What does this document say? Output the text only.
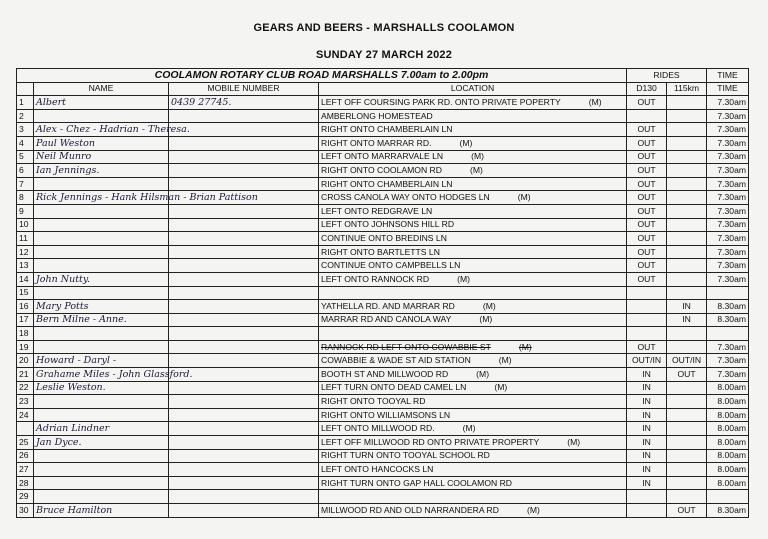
GEARS AND BEERS - MARSHALLS COOLAMON
SUNDAY 27 MARCH 2022
COOLAMON ROTARY CLUB ROAD MARSHALLS 7.00am to 2.00pm				RIDES		TIME
	NAME	MOBILE NUMBER	LOCATION	D130	115km	TIME
1	Albert	0439 27745.	LEFT OFF COURSING PARK RD. ONTO PRIVATE POPERTY (M)	OUT		7.30am
2			AMBERLONG HOMESTEAD			7.30am
3	Alex - Chez - Hadrian - Theresa.		RIGHT ONTO CHAMBERLAIN LN	OUT		7.30am
4	Paul Weston		RIGHT ONTO MARRAR RD. (M)	OUT		7.30am
5	Neil Munro		LEFT ONTO MARRARVALE LN (M)	OUT		7.30am
6	Ian Jennings.		RIGHT ONTO COOLAMON RD (M)	OUT		7.30am
7			RIGHT ONTO CHAMBERLAIN LN	OUT		7.30am
8	Rick Jennings - Hank Hilsman - Brian Pattison		CROSS CANOLA WAY ONTO HODGES LN (M)	OUT		7.30am
9			LEFT ONTO REDGRAVE LN	OUT		7.30am
10			LEFT ONTO JOHNSONS HILL RD	OUT		7.30am
11			CONTINUE ONTO BREDINS LN	OUT		7.30am
12			RIGHT ONTO BARTLETTS LN	OUT		7.30am
13			CONTINUE ONTO CAMPBELLS LN	OUT		7.30am
14	John Nutty.		LEFT ONTO RANNOCK RD (M)	OUT		7.30am
15						
16	Mary Potts		YATHELLA RD. AND MARRAR RD (M)		IN	8.30am
17	Bern Milne - Anne.		MARRAR RD AND CANOLA WAY (M)		IN	8.30am
18						
19			RANNOCK RD LEFT ONTO COWABBIE ST (M)	OUT		7.30am
20	Howard - Daryl -		COWABBIE & WADE ST AID STATION (M)	OUT/IN	OUT/IN	7.30am
21	Grahame Miles - John Glassford.		BOOTH ST AND MILLWOOD RD (M)	IN	OUT	7.30am
22	Leslie Weston.		LEFT TURN ONTO DEAD CAMEL LN (M)	IN		8.00am
23			RIGHT ONTO TOOYAL RD	IN		8.00am
24			RIGHT ONTO WILLIAMSONS LN	IN		8.00am
	Adrian Lindner		LEFT ONTO MILLWOOD RD. (M)	IN		8.00am
25	Jan Dyce.		LEFT OFF MILLWOOD RD ONTO PRIVATE PROPERTY (M)	IN		8.00am
26			RIGHT TURN ONTO TOOYAL SCHOOL RD	IN		8.00am
27			LEFT ONTO HANCOCKS LN	IN		8.00am
28			RIGHT TURN ONTO GAP HALL COOLAMON RD	IN		8.00am
29						
30	Bruce Hamilton		MILLWOOD RD AND OLD NARRANDERA RD (M)		OUT	8.30am
